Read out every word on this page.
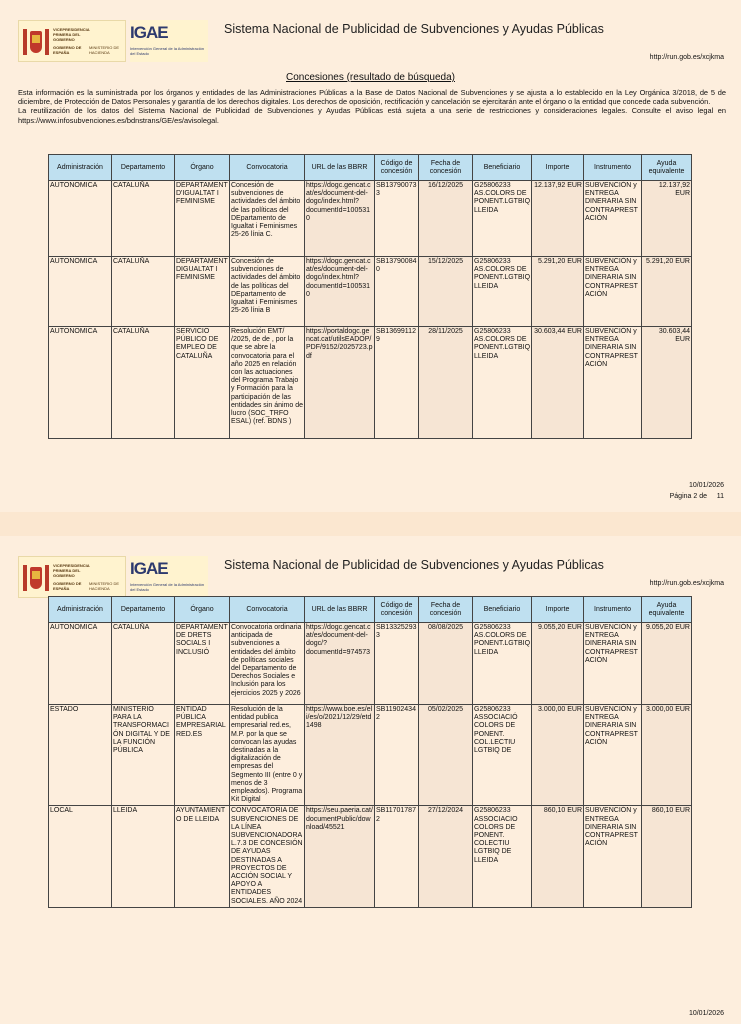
VICEPRESIDENCIA PRIMERA DEL GOBIERNO
GOBIERNO DE ESPAÑA
MINISTERIO DE HACIENDA
IGAE
Intervención General de la Administración del Estado
Sistema Nacional de Publicidad de Subvenciones y Ayudas Públicas
http://run.gob.es/xcjkma
Concesiones (resultado de búsqueda)

Esta información es la suministrada por los órganos y entidades de las Administraciones Públicas a la Base de Datos Nacional de Subvenciones y se ajusta a lo establecido en la Ley Orgánica 3/2018, de 5 de diciembre, de Protección de Datos Personales y garantía de los derechos digitales. Los derechos de oposición, rectificación y cancelación se ejercitarán ante el órgano o la entidad que concede cada subvención.

La reutilización de los datos del Sistema Nacional de Publicidad de Subvenciones y Ayudas Públicas está sujeta a una serie de restricciones y consideraciones legales. Consulte el aviso legal en https://www.infosubvenciones.es/bdnstrans/GE/es/avisolegal.

Administración	Departamento	Órgano	Convocatoria	URL de las BBRR	Código de concesión	Fecha de concesión	Beneficiario	Importe	Instrumento	Ayuda equivalente
AUTONOMICA	CATALUÑA	DEPARTAMENT D'IGUALTAT I FEMINISME	Concesión de subvenciones de actividades del ámbito de las políticas del DEpartamento de Igualtat i Feminismes 25-26 línia C.	https://dogc.gencat.cat/es/document-del-dogc/index.html?documentId=1005310	SB137900733	16/12/2025	G25806233 AS.COLORS DE PONENT.LGTBIQ LLEIDA	12.137,92 EUR	SUBVENCIÓN y ENTREGA DINERARIA SIN CONTRAPRESTACIÓN	12.137,92 EUR
AUTONOMICA	CATALUÑA	DEPARTAMENT DIGUALTAT I FEMINISME	Concesión de subvenciones de actividades del ámbito de las políticas del DEpartamento de Igualtat i Feminismes 25-26 línia B	https://dogc.gencat.cat/es/document-del-dogc/index.html?documentId=1005310	SB137900840	15/12/2025	G25806233 AS.COLORS DE PONENT.LGTBIQ LLEIDA	5.291,20 EUR	SUBVENCIÓN y ENTREGA DINERARIA SIN CONTRAPRESTACIÓN	5.291,20 EUR
AUTONOMICA	CATALUÑA	SERVICIO PÚBLICO DE EMPLEO DE CATALUÑA	Resolución EMT/ /2025, de de , por la que se abre la convocatoria para el año 2025 en relación con las actuaciones del Programa Trabajo y Formación para la participación de las entidades sin ánimo de lucro (SOC_TRFO ESAL) (ref. BDNS )	https://portaldogc.gencat.cat/utilsEADOP/PDF/9152/2025723.pdf	SB136991129	28/11/2025	G25806233 AS.COLORS DE PONENT.LGTBIQ LLEIDA	30.603,44 EUR	SUBVENCIÓN y ENTREGA DINERARIA SIN CONTRAPRESTACIÓN	30.603,44 EUR
10/01/2026
Página 2 de 11
VICEPRESIDENCIA PRIMERA DEL GOBIERNO
GOBIERNO DE ESPAÑA
MINISTERIO DE HACIENDA
IGAE
Intervención General de la Administración del Estado
Sistema Nacional de Publicidad de Subvenciones y Ayudas Públicas
http://run.gob.es/xcjkma
Administración	Departamento	Órgano	Convocatoria	URL de las BBRR	Código de concesión	Fecha de concesión	Beneficiario	Importe	Instrumento	Ayuda equivalente
AUTONOMICA	CATALUÑA	DEPARTAMENT DE DRETS SOCIALS I INCLUSIÓ	Convocatoria ordinaria anticipada de subvenciones a entidades del ámbito de políticas sociales del Departamento de Derechos Sociales e Inclusión para los ejercicios 2025 y 2026	https://dogc.gencat.cat/es/document-del-dogc/?documentId=974573	SB133252933	08/08/2025	G25806233 AS.COLORS DE PONENT.LGTBIQ LLEIDA	9.055,20 EUR	SUBVENCIÓN y ENTREGA DINERARIA SIN CONTRAPRESTACIÓN	9.055,20 EUR
ESTADO	MINISTERIO PARA LA TRANSFORMACIÓN DIGITAL Y DE LA FUNCIÓN PÚBLICA	ENTIDAD PÚBLICA EMPRESARIAL RED.ES	Resolución de la entidad publica empresarial red.es, M.P. por la que se convocan las ayudas destinadas a la digitalización de empresas del Segmento III (entre 0 y menos de 3 empleados). Programa Kit Digital	https://www.boe.es/eli/es/o/2021/12/29/etd1498	SB119024342	05/02/2025	G25806233 ASSOCIACIÓ COLORS DE PONENT. COL.LECTIU LGTBIQ DE	3.000,00 EUR	SUBVENCIÓN y ENTREGA DINERARIA SIN CONTRAPRESTACIÓN	3.000,00 EUR
LOCAL	LLEIDA	AYUNTAMIENTO DE LLEIDA	CONVOCATORIA DE SUBVENCIONES DE LA LÍNEA SUBVENCIONADORA L.7.3 DE CONCESIÓN DE AYUDAS DESTINADAS A PROYECTOS DE ACCIÓN SOCIAL Y APOYO A ENTIDADES SOCIALES. AÑO 2024	https://seu.paeria.cat/documentPublic/download/45521	SB117017872	27/12/2024	G25806233 ASSOCIACIO COLORS DE PONENT. COLECTIU LGTBIQ DE LLEIDA	860,10 EUR	SUBVENCIÓN y ENTREGA DINERARIA SIN CONTRAPRESTACIÓN	860,10 EUR
10/01/2026
